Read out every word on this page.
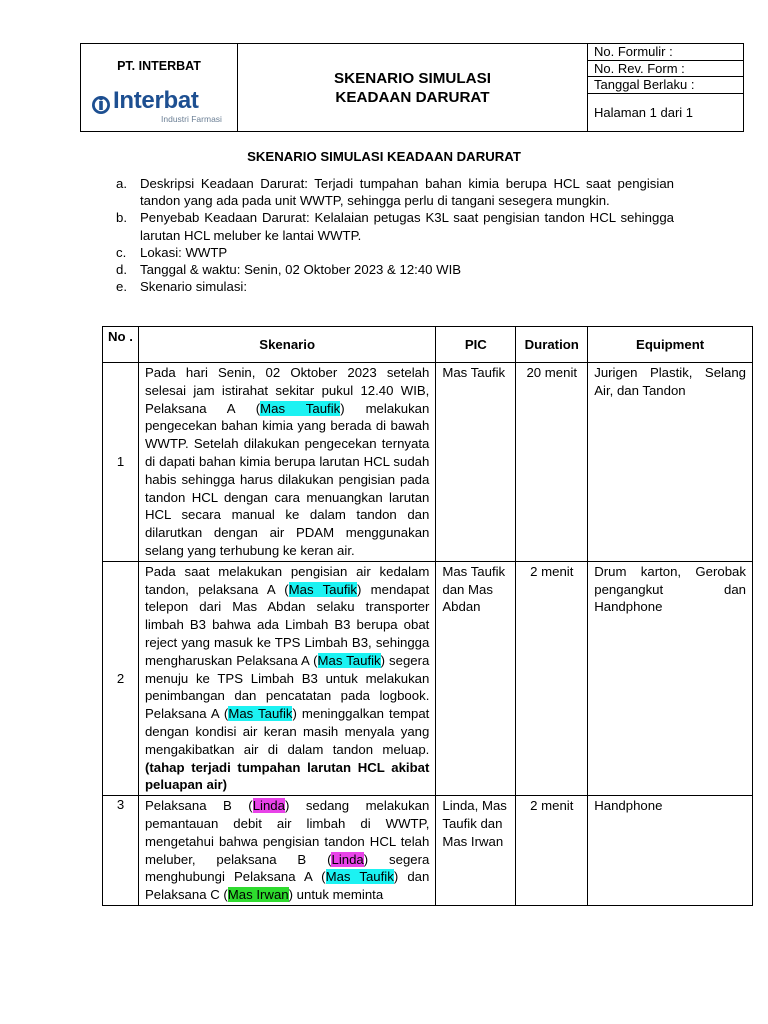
PT. INTERBAT
Interbat
Industri Farmasi
SKENARIO SIMULASI
KEADAAN DARURAT
No. Formulir :
No. Rev. Form :
Tanggal Berlaku :
Halaman 1 dari 1
SKENARIO SIMULASI KEADAAN DARURAT
a. Deskripsi Keadaan Darurat: Terjadi tumpahan bahan kimia berupa HCL saat pengisian tandon yang ada pada unit WWTP, sehingga perlu di tangani sesegera mungkin.
b. Penyebab Keadaan Darurat: Kelalaian petugas K3L saat pengisian tandon HCL sehingga larutan HCL meluber ke lantai WWTP.
c. Lokasi: WWTP
d. Tanggal & waktu: Senin, 02 Oktober 2023 & 12:40 WIB
e. Skenario simulasi:
No .	Skenario	PIC	Duration	Equipment
1	Pada hari Senin, 02 Oktober 2023 setelah selesai jam istirahat sekitar pukul 12.40 WIB, Pelaksana A (Mas Taufik) melakukan pengecekan bahan kimia yang berada di bawah WWTP. Setelah dilakukan pengecekan ternyata di dapati bahan kimia berupa larutan HCL sudah habis sehingga harus dilakukan pengisian pada tandon HCL dengan cara menuangkan larutan HCL secara manual ke dalam tandon dan dilarutkan dengan air PDAM menggunakan selang yang terhubung ke keran air.	Mas Taufik	20 menit	Jurigen Plastik, Selang Air, dan Tandon
2	Pada saat melakukan pengisian air kedalam tandon, pelaksana A (Mas Taufik) mendapat telepon dari Mas Abdan selaku transporter limbah B3 bahwa ada Limbah B3 berupa obat reject yang masuk ke TPS Limbah B3, sehingga mengharuskan Pelaksana A (Mas Taufik) segera menuju ke TPS Limbah B3 untuk melakukan penimbangan dan pencatatan pada logbook. Pelaksana A (Mas Taufik) meninggalkan tempat dengan kondisi air keran masih menyala yang mengakibatkan air di dalam tandon meluap. (tahap terjadi tumpahan larutan HCL akibat peluapan air)	Mas Taufik dan Mas Abdan	2 menit	Drum karton, Gerobak pengangkut dan Handphone
3	Pelaksana B (Linda) sedang melakukan pemantauan debit air limbah di WWTP, mengetahui bahwa pengisian tandon HCL telah meluber, pelaksana B (Linda) segera menghubungi Pelaksana A (Mas Taufik) dan Pelaksana C (Mas Irwan) untuk meminta	Linda, Mas Taufik dan Mas Irwan	2 menit	Handphone
